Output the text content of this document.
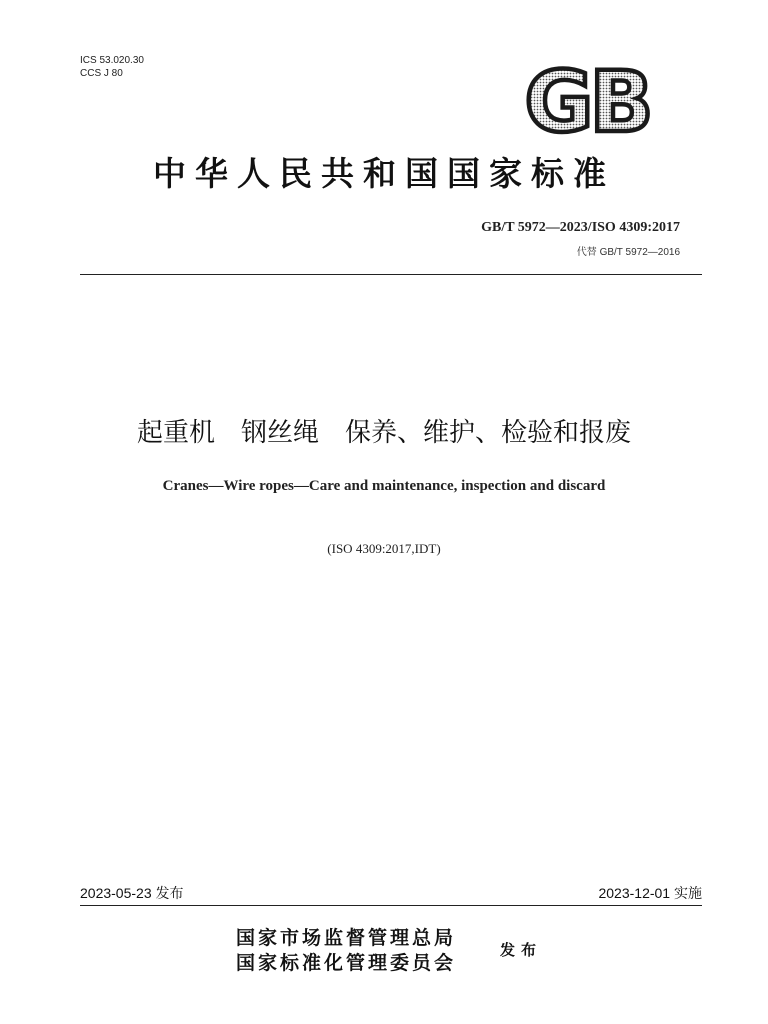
ICS 53.020.30
CCS J 80	GB
中华人民共和国国家标准
GB/T 5972—2023/ISO 4309:2017
代替 GB/T 5972—2016
起重机　钢丝绳　保养、维护、检验和报废
Cranes—Wire ropes—Care and maintenance, inspection and discard
(ISO 4309:2017,IDT)
2023-05-23 发布	2023-12-01 实施
国家市场监督管理总局
国家标准化管理委员会
发布
